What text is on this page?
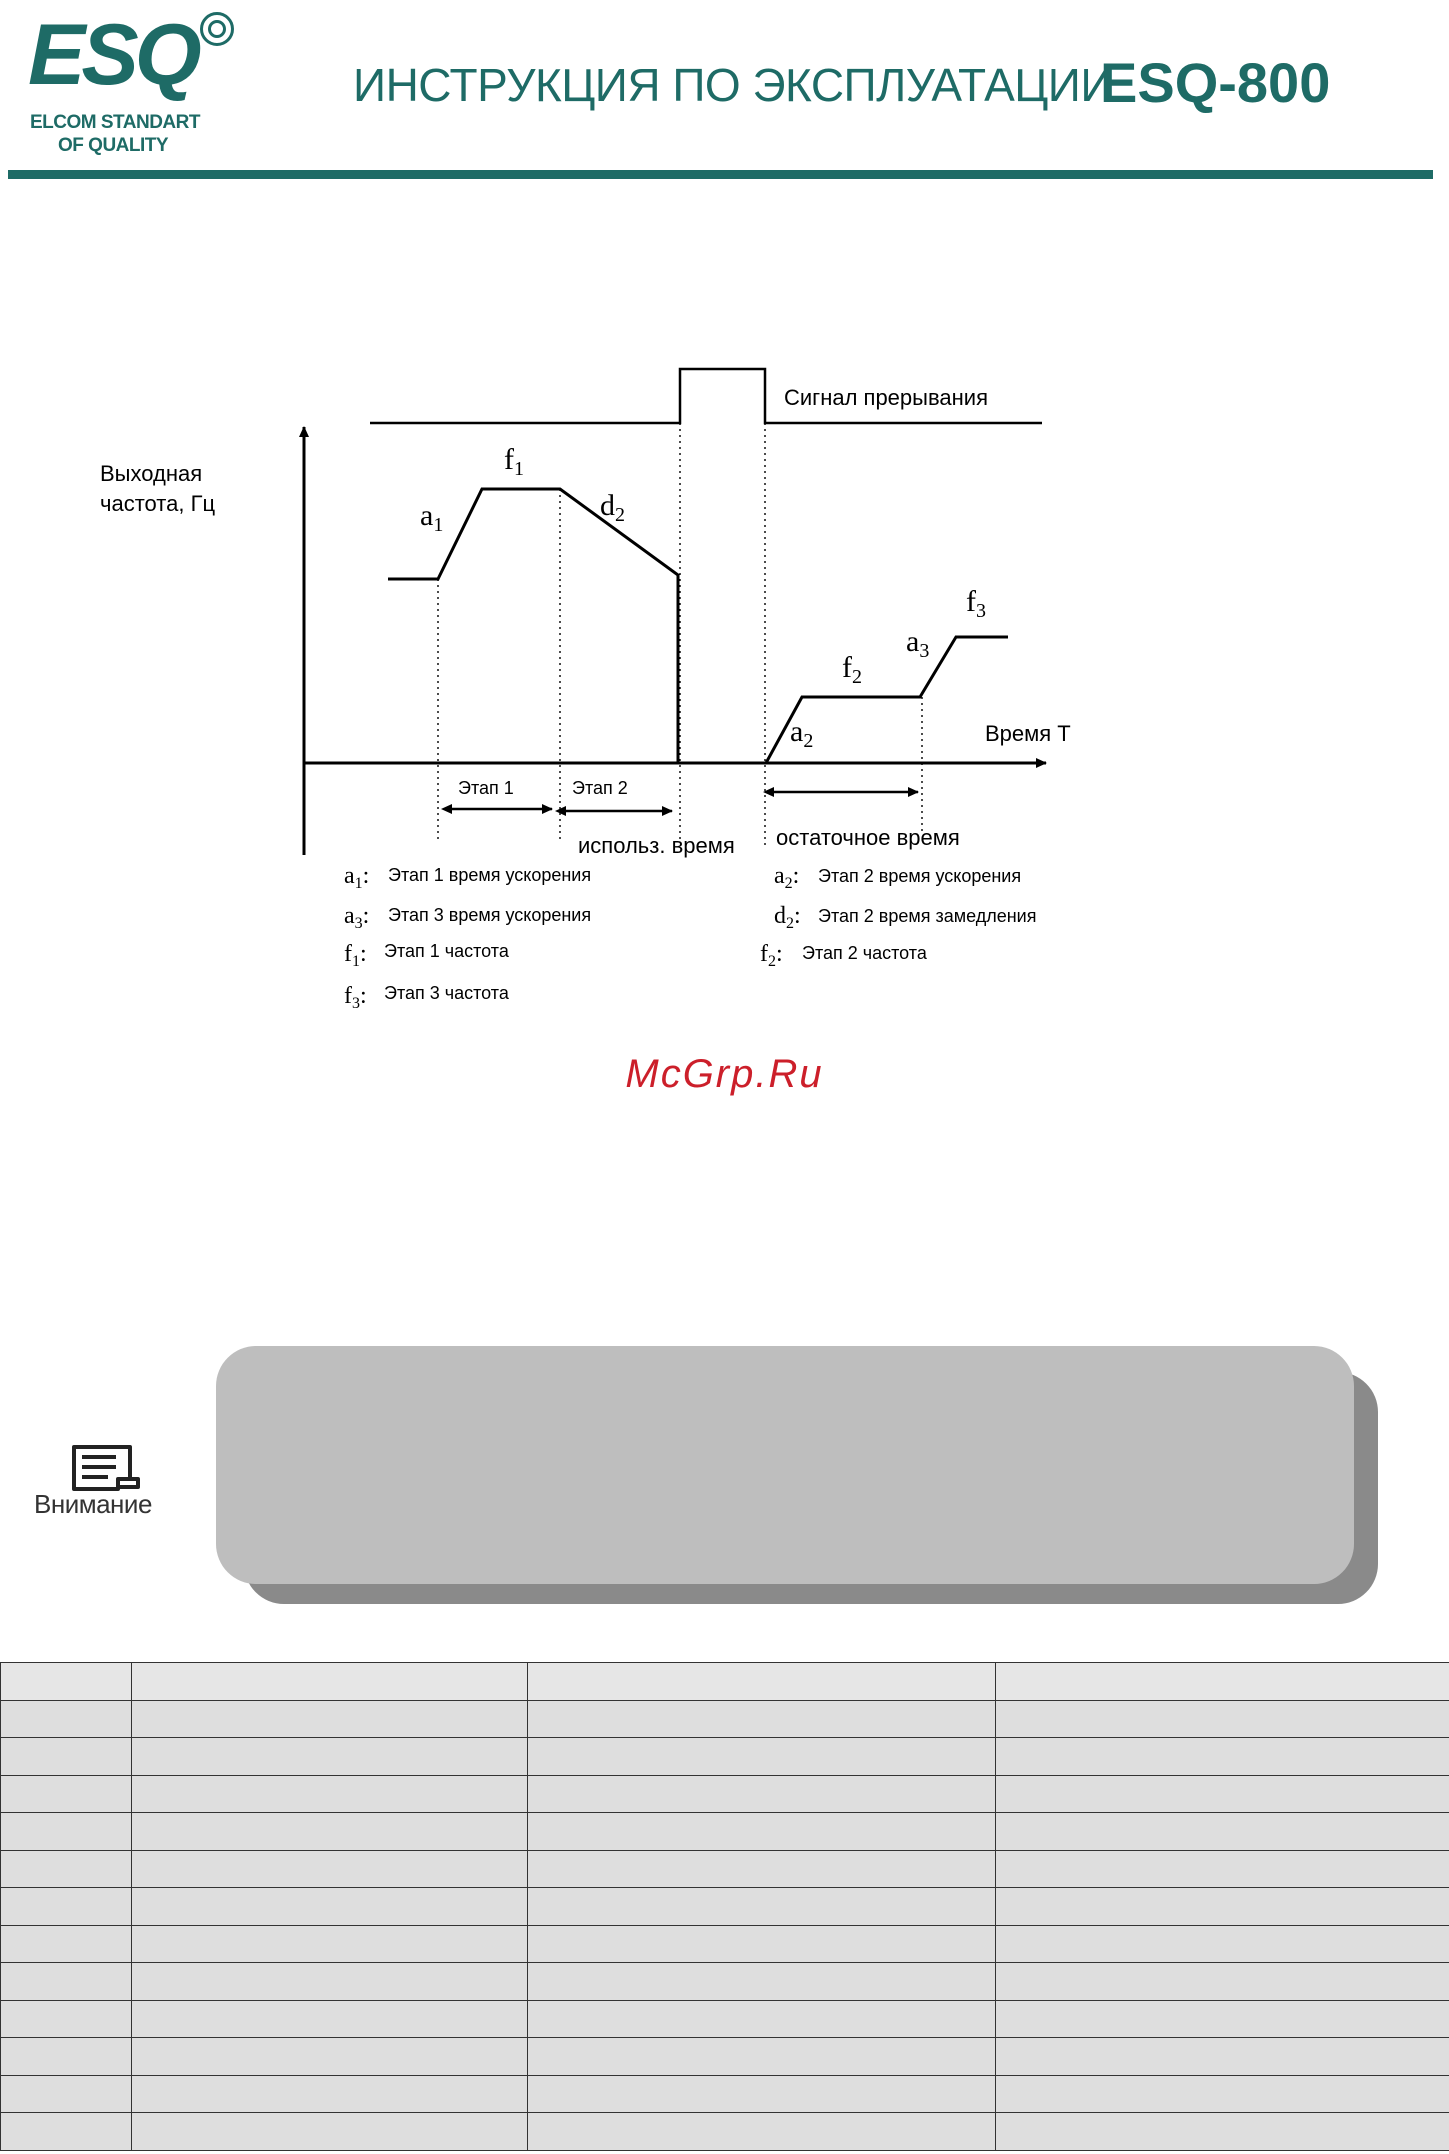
ESQ
ELCOM STANDART
OF QUALITY
ИНСТРУКЦИЯ ПО ЭКСПЛУАТАЦИИ
ESQ-800
Выходная
частота, Гц
Время Т
Сигнал прерывания
$a_1$
$f_1$
$d_2$
$a_2$
$f_2$
$a_3$
$f_3$
Этап 1	Этап 2
использ. время остаточное время
$a_1$: Этап 1 время ускорения
$a_3$: Этап 3 время ускорения
$f_1$: Этап 1 частота
$f_3$: Этап 3 частота
$a_2$: Этап 2 время ускорения
$d_2$: Этап 2 время замедления
$f_2$: Этап 2 частота
McGrp.Ru
Внимание
